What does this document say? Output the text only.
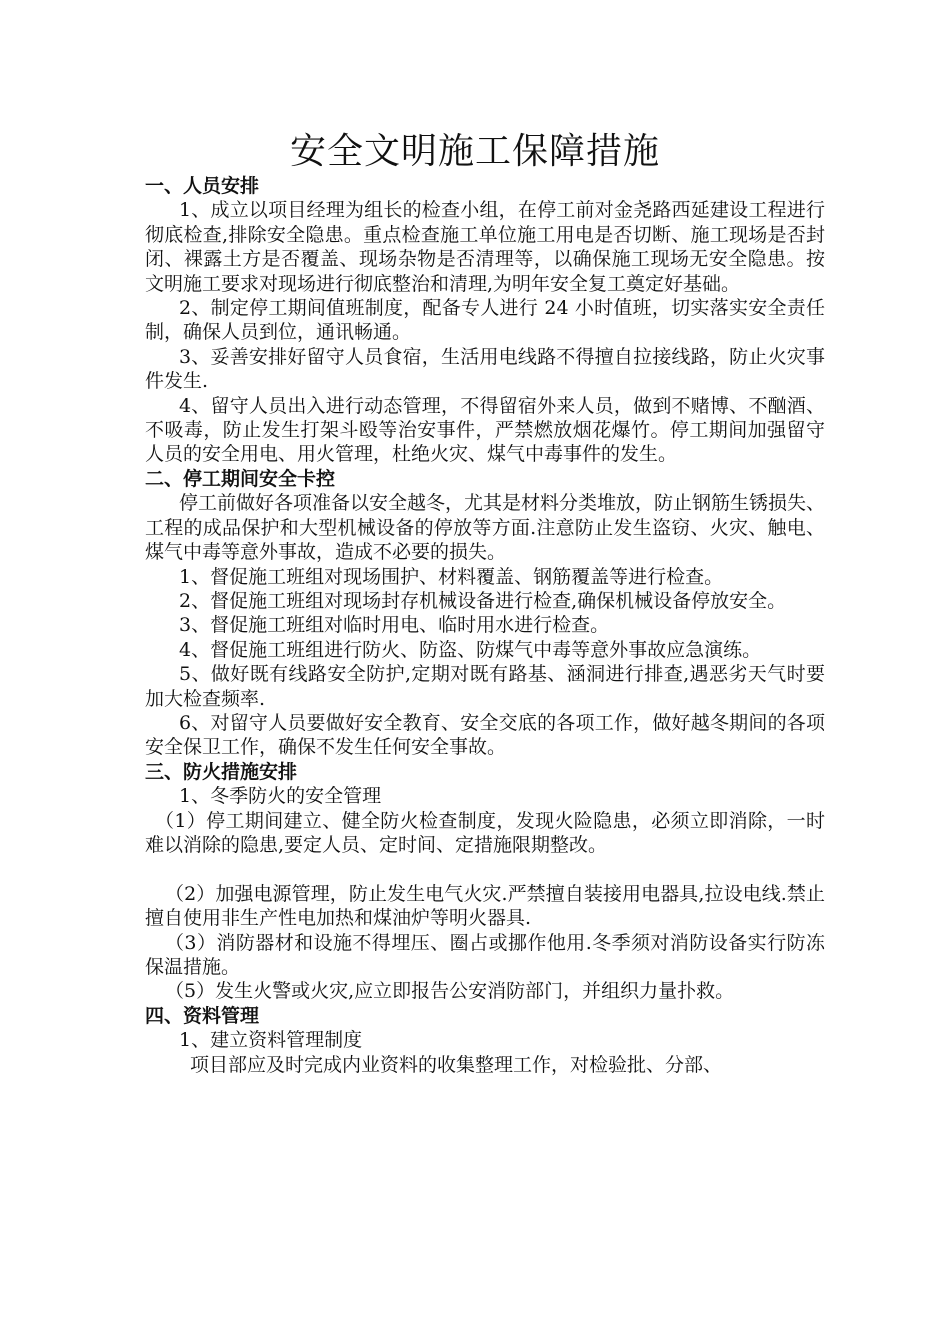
安全文明施工保障措施
一、人员安排

1、成立以项目经理为组长的检查小组，在停工前对金尧路西延建设工程进行彻底检查,排除安全隐患。重点检查施工单位施工用电是否切断、施工现场是否封闭、裸露土方是否覆盖、现场杂物是否清理等，以确保施工现场无安全隐患。按文明施工要求对现场进行彻底整治和清理,为明年安全复工奠定好基础。

2、制定停工期间值班制度，配备专人进行 24 小时值班，切实落实安全责任制，确保人员到位，通讯畅通。

3、妥善安排好留守人员食宿，生活用电线路不得擅自拉接线路，防止火灾事件发生.

4、留守人员出入进行动态管理，不得留宿外来人员，做到不赌博、不酗酒、不吸毒，防止发生打架斗殴等治安事件，严禁燃放烟花爆竹。停工期间加强留守人员的安全用电、用火管理，杜绝火灾、煤气中毒事件的发生。

二、停工期间安全卡控

停工前做好各项准备以安全越冬，尤其是材料分类堆放，防止钢筋生锈损失、工程的成品保护和大型机械设备的停放等方面.注意防止发生盗窃、火灾、触电、煤气中毒等意外事故，造成不必要的损失。

1、督促施工班组对现场围护、材料覆盖、钢筋覆盖等进行检查。

2、督促施工班组对现场封存机械设备进行检查,确保机械设备停放安全。

3、督促施工班组对临时用电、临时用水进行检查。

4、督促施工班组进行防火、防盗、防煤气中毒等意外事故应急演练。

5、做好既有线路安全防护,定期对既有路基、涵洞进行排查,遇恶劣天气时要加大检查频率.

6、对留守人员要做好安全教育、安全交底的各项工作，做好越冬期间的各项安全保卫工作，确保不发生任何安全事故。

三、防火措施安排

1、冬季防火的安全管理

（1）停工期间建立、健全防火检查制度，发现火险隐患，必须立即消除，一时难以消除的隐患,要定人员、定时间、定措施限期整改。

（2）加强电源管理，防止发生电气火灾.严禁擅自装接用电器具,拉设电线.禁止擅自使用非生产性电加热和煤油炉等明火器具.

（3）消防器材和设施不得埋压、圈占或挪作他用.冬季须对消防设备实行防冻保温措施。

（5）发生火警或火灾,应立即报告公安消防部门，并组织力量扑救。

四、资料管理

1、建立资料管理制度

项目部应及时完成内业资料的收集整理工作，对检验批、分部、
